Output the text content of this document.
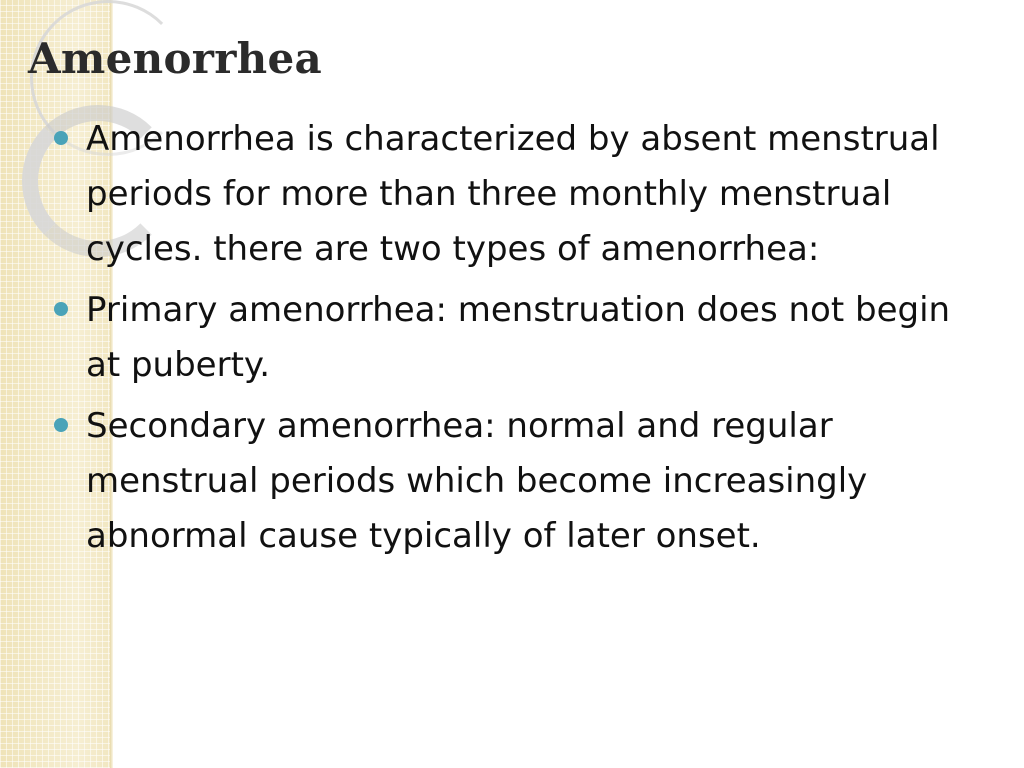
Amenorrhea
Amenorrhea is characterized by absent menstrual periods for more than three monthly menstrual cycles. there are two types of amenorrhea:
Primary amenorrhea: menstruation does not begin at puberty.
Secondary amenorrhea: normal and regular menstrual periods which become increasingly abnormal cause typically of later onset.
